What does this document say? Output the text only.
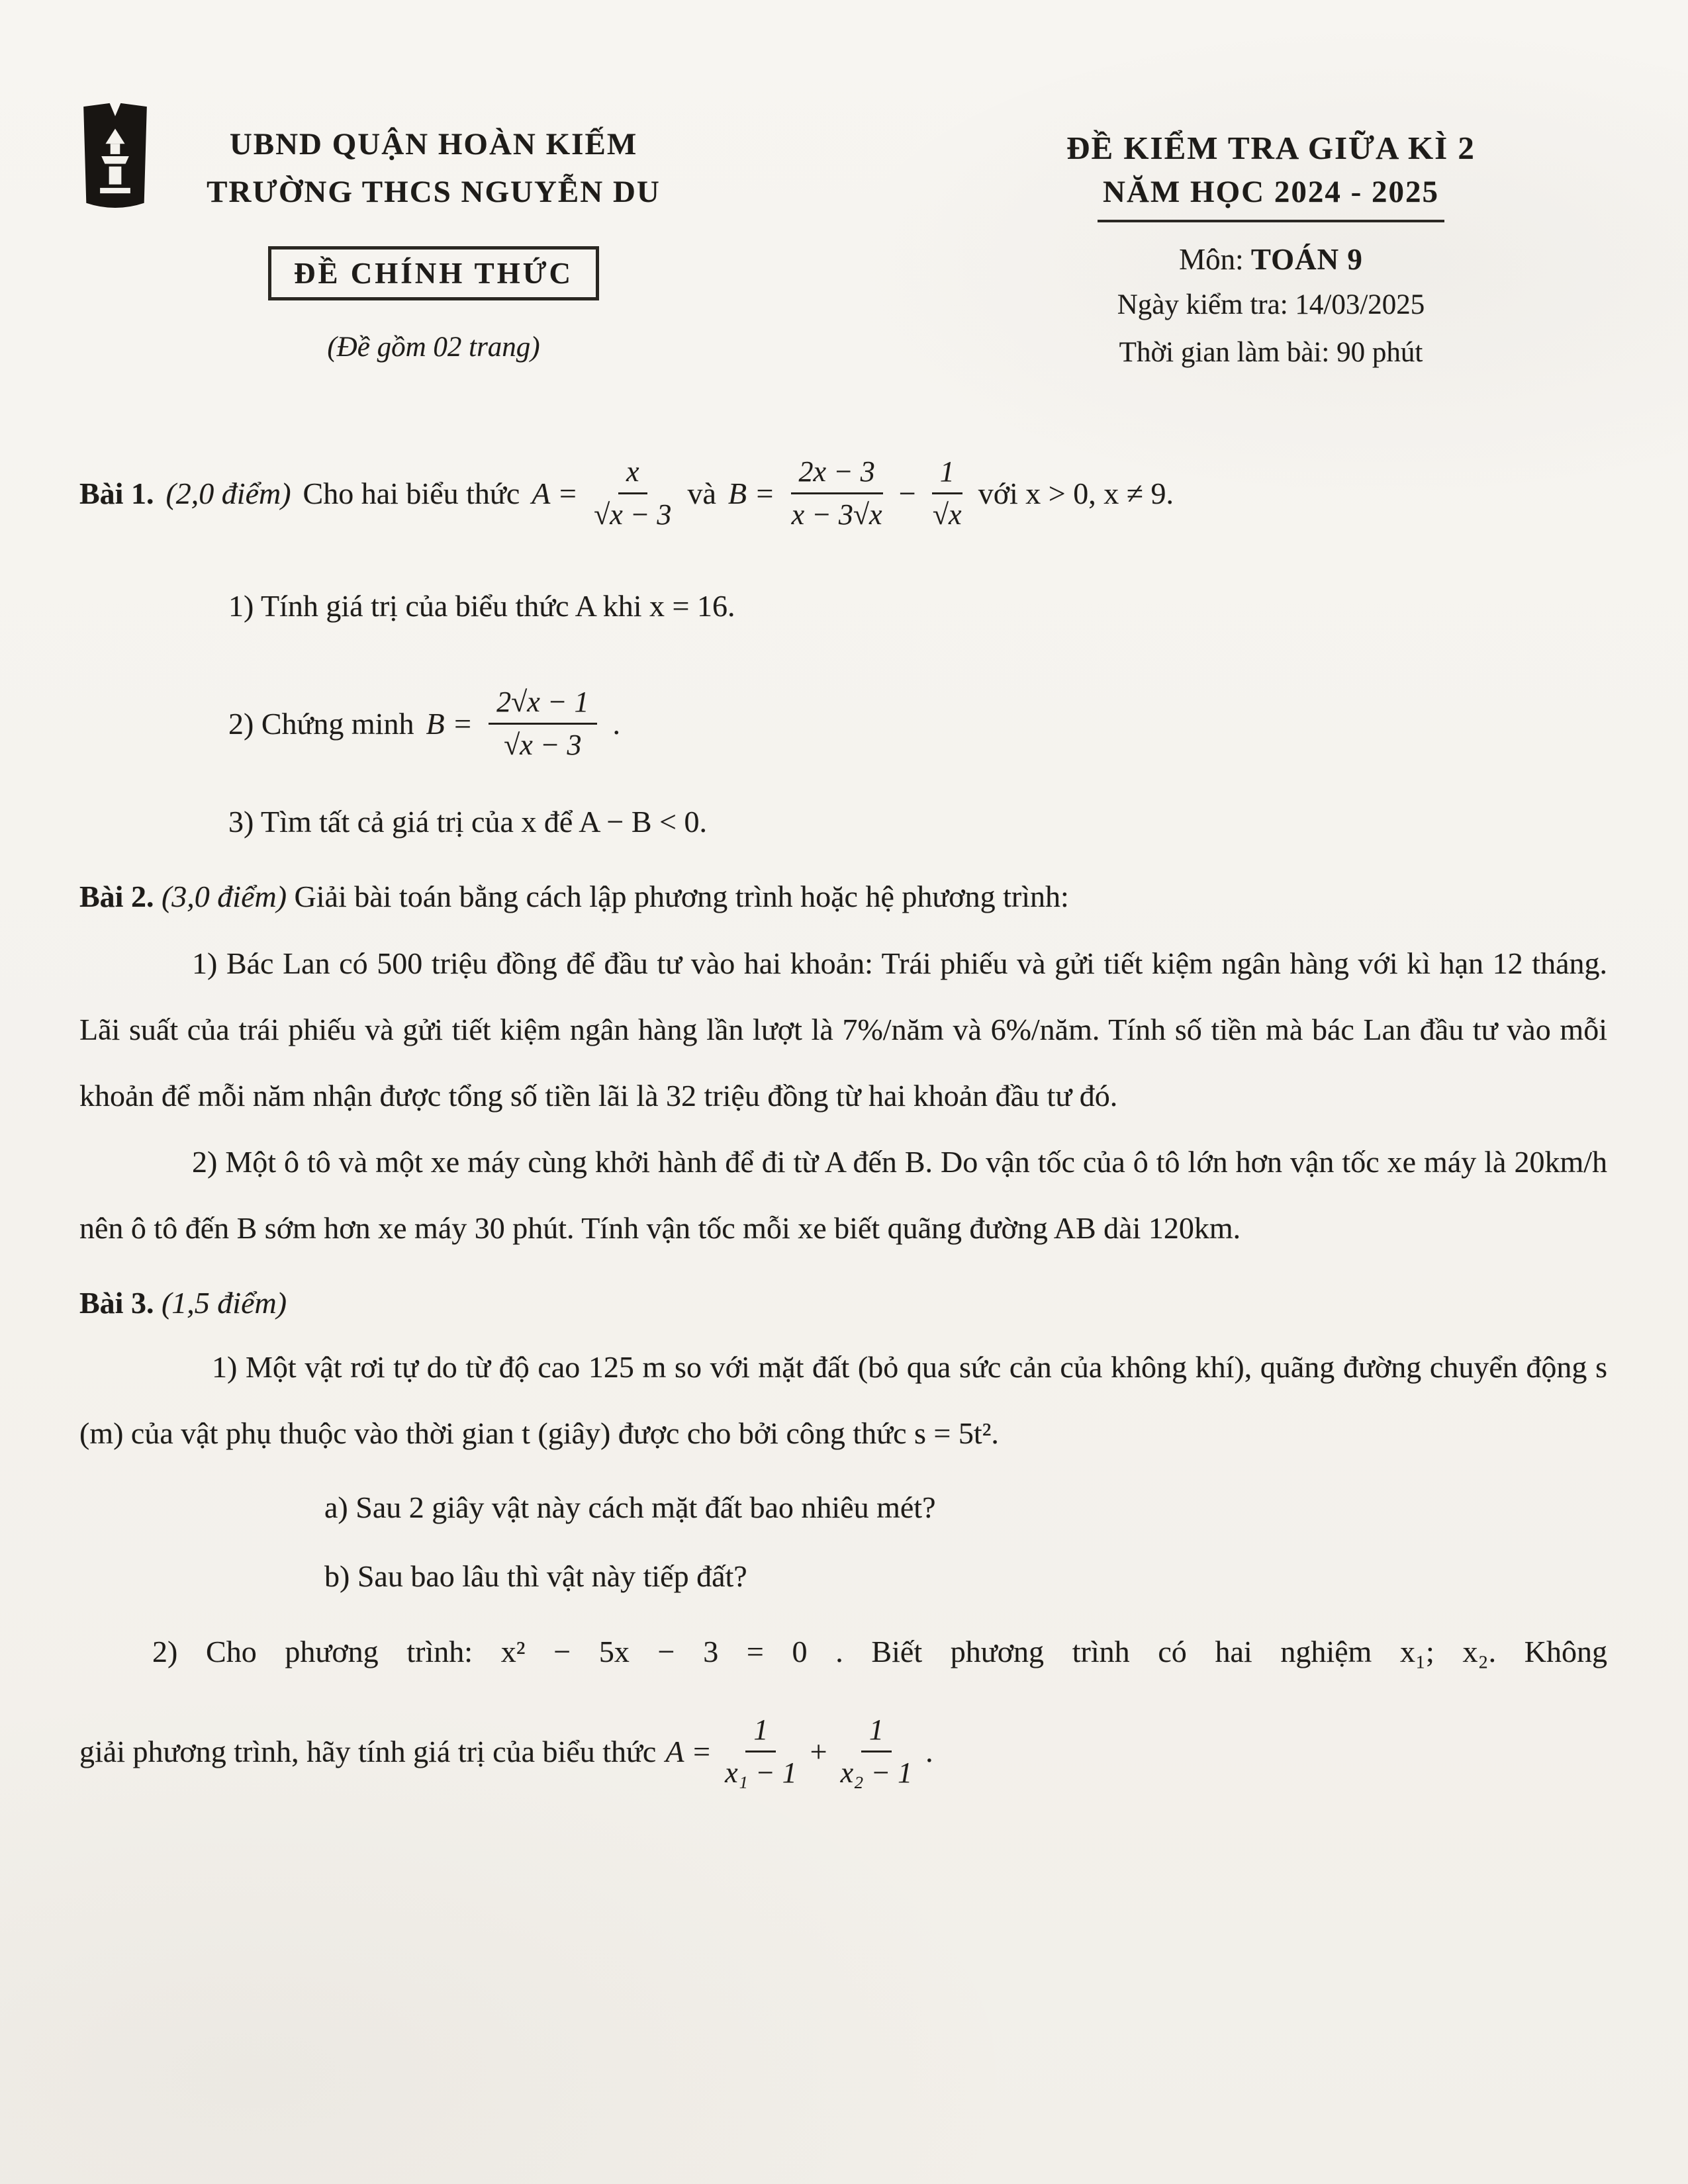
UBND QUẬN HOÀN KIẾM
TRƯỜNG THCS NGUYỄN DU
ĐỀ CHÍNH THỨC
(Đề gồm 02 trang)
ĐỀ KIỂM TRA GIỮA KÌ 2
NĂM HỌC 2024 - 2025
Môn: TOÁN 9
Ngày kiểm tra: 14/03/2025
Thời gian làm bài: 90 phút
Bài 1. (2,0 điểm) Cho hai biểu thức $A = \frac{x}{√x - 3}$ và $B = \frac{2x - 3}{x - 3√x} - \frac{1}{√x}$ với x > 0, x ≠ 9.
1) Tính giá trị của biểu thức A khi x = 16.
2) Chứng minh $B = \frac{2√x - 1}{√x - 3}$ .
3) Tìm tất cả giá trị của x để A − B < 0.
Bài 2. (3,0 điểm) Giải bài toán bằng cách lập phương trình hoặc hệ phương trình:
1) Bác Lan có 500 triệu đồng để đầu tư vào hai khoản: Trái phiếu và gửi tiết kiệm ngân hàng với kì hạn 12 tháng. Lãi suất của trái phiếu và gửi tiết kiệm ngân hàng lần lượt là 7%/năm và 6%/năm. Tính số tiền mà bác Lan đầu tư vào mỗi khoản để mỗi năm nhận được tổng số tiền lãi là 32 triệu đồng từ hai khoản đầu tư đó.
2) Một ô tô và một xe máy cùng khởi hành để đi từ A đến B. Do vận tốc của ô tô lớn hơn vận tốc xe máy là 20km/h nên ô tô đến B sớm hơn xe máy 30 phút. Tính vận tốc mỗi xe biết quãng đường AB dài 120km.
Bài 3. (1,5 điểm)
1) Một vật rơi tự do từ độ cao 125 m so với mặt đất (bỏ qua sức cản của không khí), quãng đường chuyển động s (m) của vật phụ thuộc vào thời gian t (giây) được cho bởi công thức s = 5t².
a) Sau 2 giây vật này cách mặt đất bao nhiêu mét?
b) Sau bao lâu thì vật này tiếp đất?
2) Cho phương trình: x² − 5x − 3 = 0 . Biết phương trình có hai nghiệm x₁; x₂. Không
giải phương trình, hãy tính giá trị của biểu thức $A = \frac{1}{\text{x₁ − 1}} + \frac{1}{\text{x₂ − 1}}$ .
